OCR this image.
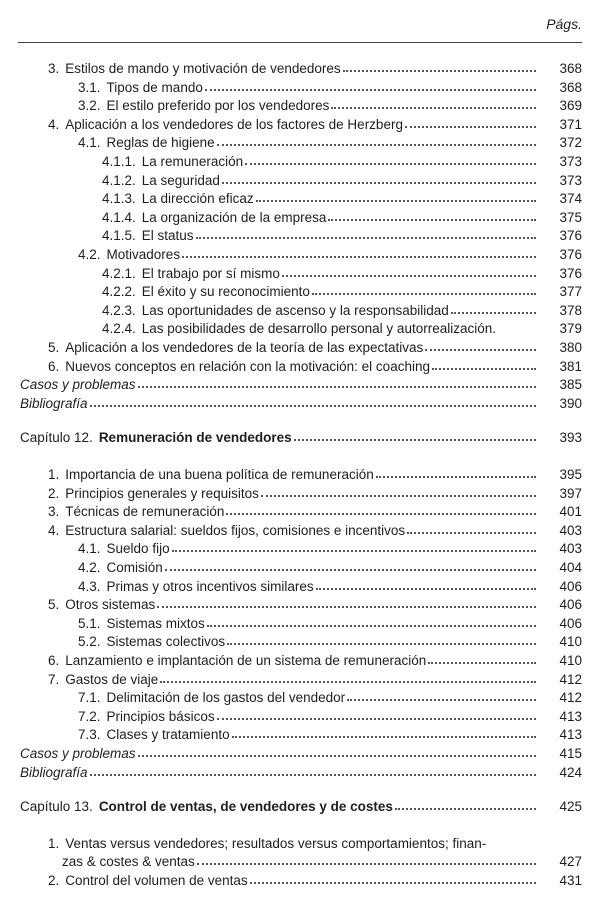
Págs.
3. Estilos de mando y motivación de vendedores	368
3.1. Tipos de mando	368
3.2. El estilo preferido por los vendedores	369
4. Aplicación a los vendedores de los factores de Herzberg	371
4.1. Reglas de higiene	372
4.1.1. La remuneración	373
4.1.2. La seguridad	373
4.1.3. La dirección eficaz	374
4.1.4. La organización de la empresa	375
4.1.5. El status	376
4.2. Motivadores	376
4.2.1. El trabajo por sí mismo	376
4.2.2. El éxito y su reconocimiento	377
4.2.3. Las oportunidades de ascenso y la responsabilidad	378
4.2.4. Las posibilidades de desarrollo personal y autorrealización.	379
5. Aplicación a los vendedores de la teoría de las expectativas	380
6. Nuevos conceptos en relación con la motivación: el coaching	381
Casos y problemas	385
Bibliografía	390
Capítulo 12. Remuneración de vendedores	393
1. Importancia de una buena política de remuneración	395
2. Principios generales y requisitos	397
3. Técnicas de remuneración	401
4. Estructura salarial: sueldos fijos, comisiones e incentivos	403
4.1. Sueldo fijo	403
4.2. Comisión	404
4.3. Primas y otros incentivos similares	406
5. Otros sistemas	406
5.1. Sistemas mixtos	406
5.2. Sistemas colectivos	410
6. Lanzamiento e implantación de un sistema de remuneración	410
7. Gastos de viaje	412
7.1. Delimitación de los gastos del vendedor	412
7.2. Principios básicos	413
7.3. Clases y tratamiento	413
Casos y problemas	415
Bibliografía	424
Capítulo 13. Control de ventas, de vendedores y de costes	425
1. Ventas versus vendedores; resultados versus comportamientos; finan-
zas & costes & ventas	427
2. Control del volumen de ventas	431
